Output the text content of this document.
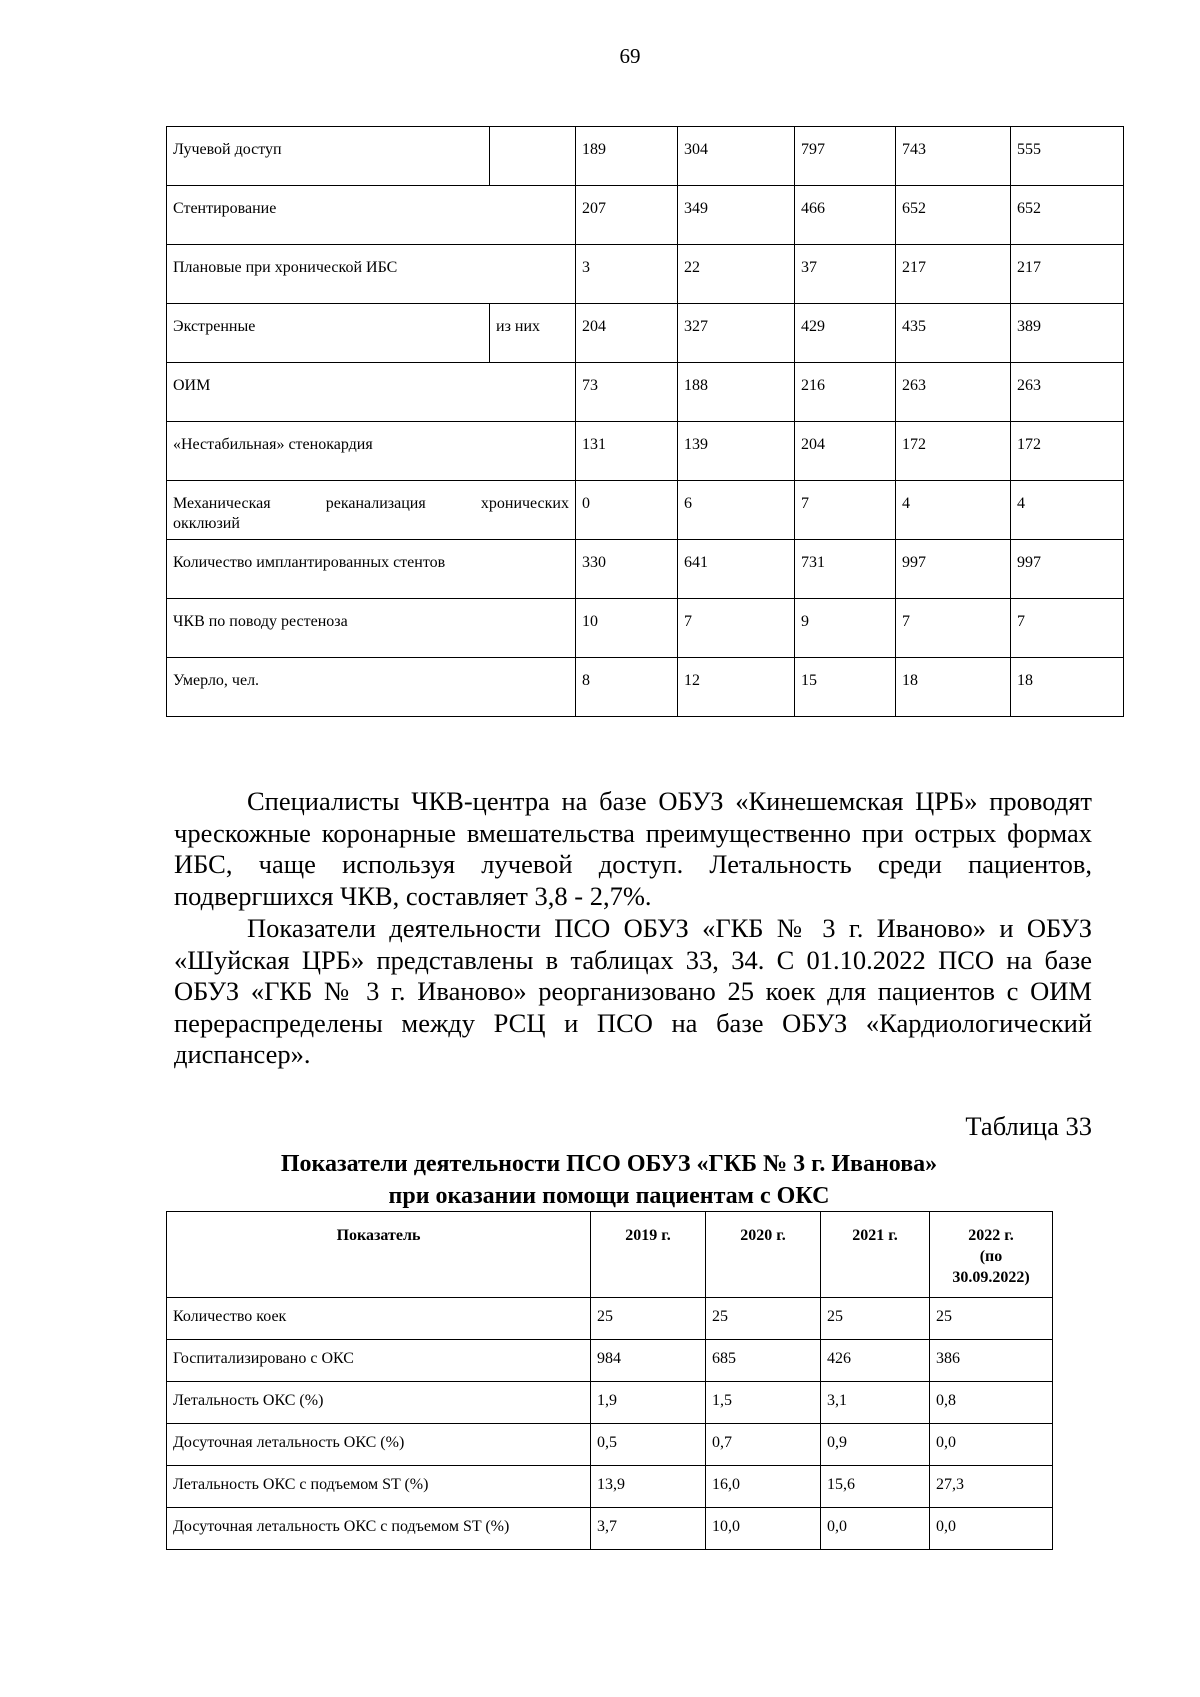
69
Лучевой доступ		189	304	797	743	555
Стентирование		207	349	466	652	652
Плановые при хронической ИБС		3	22	37	217	217
Экстренные	из них	204	327	429	435	389
ОИМ		73	188	216	263	263
«Нестабильная» стенокардия		131	139	204	172	172

Механическая реканализация хронических
окклюзий		0	6	7	4	4
Количество имплантированных стентов		330	641	731	997	997
ЧКВ по поводу рестеноза		10	7	9	7	7
Умерло, чел.		8	12	15	18	18

Специалисты ЧКВ-центра на базе ОБУЗ «Кинешемская ЦРБ» проводят чрескожные коронарные вмешательства преимущественно при острых формах ИБС, чаще используя лучевой доступ. Летальность среди пациентов, подвергшихся ЧКВ, составляет 3,8 - 2,7%.

Показатели деятельности ПСО ОБУЗ «ГКБ № 3 г. Иваново» и ОБУЗ «Шуйская ЦРБ» представлены в таблицах 33, 34. С 01.10.2022 ПСО на базе ОБУЗ «ГКБ № 3 г. Иваново» реорганизовано 25 коек для пациентов с ОИМ перераспределены между РСЦ и ПСО на базе ОБУЗ «Кардиологический диспансер».

Таблица 33
Показатели деятельности ПСО ОБУЗ «ГКБ № 3 г. Иванова»
при оказании помощи пациентам с ОКС
Показатель	2019 г.	2020 г.	2021 г.	2022 г.
(по
30.09.2022)

Количество коек	25	25	25	25
Госпитализировано с ОКС	984	685	426	386
Летальность ОКС (%)	1,9	1,5	3,1	0,8
Досуточная летальность ОКС (%)	0,5	0,7	0,9	0,0
Летальность ОКС с подъемом ST (%)	13,9	16,0	15,6	27,3
Досуточная летальность ОКС с подъемом ST (%)	3,7	10,0	0,0	0,0
